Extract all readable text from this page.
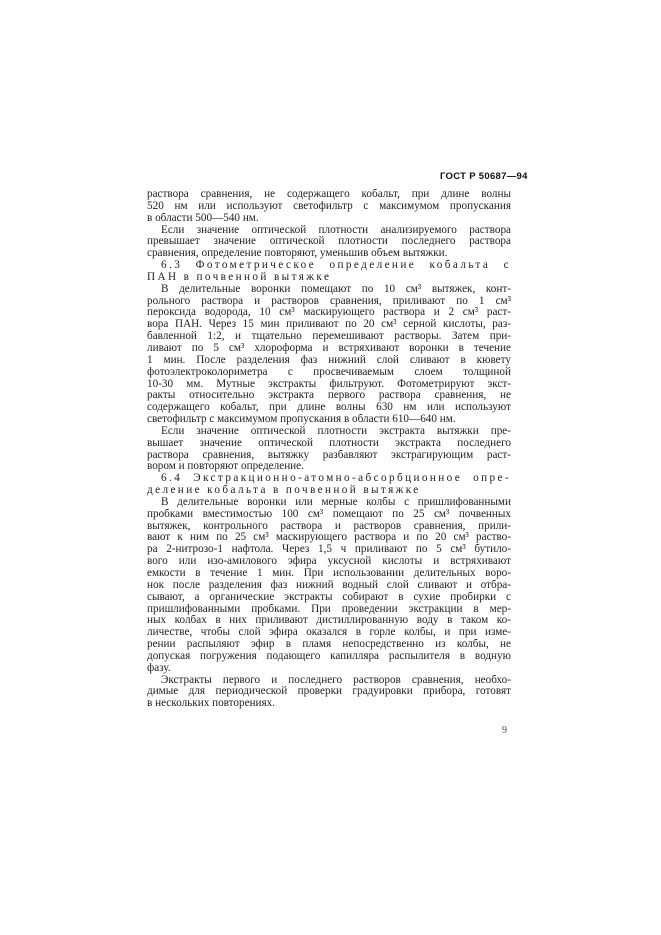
ГОСТ Р 50687—94
раствора сравнения, не содержащего кобальт, при длине волны
520 нм или используют светофильтр с максимумом пропускания
в области 500—540 нм.
Если значение оптической плотности анализируемого раствора
превышает значение оптической плотности последнего раствора
сравнения, определение повторяют, уменьшив объем вытяжки.
6.3 Фотометрическое определение кобальта с
ПАН в почвенной вытяжке
В делительные воронки помещают по 10 см³ вытяжек, конт-
рольного раствора и растворов сравнения, приливают по 1 см³
пероксида водорода, 10 см³ маскирующего раствора и 2 см³ раст-
вора ПАН. Через 15 мин приливают по 20 см³ серной кислоты, раз-
бавленной 1:2, и тщательно перемешивают растворы. Затем при-
ливают по 5 см³ хлороформа и встряхивают воронки в течение
1 мин. После разделения фаз нижний слой сливают в кювету
фотоэлектроколориметра с просвечиваемым слоем толщиной
10-30 мм. Мутные экстракты фильтруют. Фотометрируют экст-
ракты относительно экстракта первого раствора сравнения, не
содержащего кобальт, при длине волны 630 нм или используют
светофильтр с максимумом пропускания в области 610—640 нм.
Если значение оптической плотности экстракта вытяжки пре-
вышает значение оптической плотности экстракта последнего
раствора сравнения, вытяжку разбавляют экстрагирующим раст-
вором и повторяют определение.
6.4 Экстракционно-атомно-абсорбционное опре-
деление кобальта в почвенной вытяжке
В делительные воронки или мерные колбы с пришлифованными
пробками вместимостью 100 см³ помещают по 25 см³ почвенных
вытяжек, контрольного раствора и растворов сравнения, прили-
вают к ним по 25 см³ маскирующего раствора и по 20 см³ раство-
ра 2-нитрозо-1 нафтола. Через 1,5 ч приливают по 5 см³ бутило-
вого или изо-амилового эфира уксусной кислоты и встряхивают
емкости в течение 1 мин. При использовании делительных воро-
нок после разделения фаз нижний водный слой сливают и отбра-
сывают, а органические экстракты собирают в сухие пробирки с
пришлифованными пробками. При проведении экстракции в мер-
ных колбах в них приливают дистиллированную воду в таком ко-
личестве, чтобы слой эфира оказался в горле колбы, и при изме-
рении распыляют эфир в пламя непосредственно из колбы, не
допуская погружения подающего капилляра распылителя в водную
фазу.
Экстракты первого и последнего растворов сравнения, необхо-
димые для периодической проверки градуировки прибора, готовят
в нескольких повторениях.
9
